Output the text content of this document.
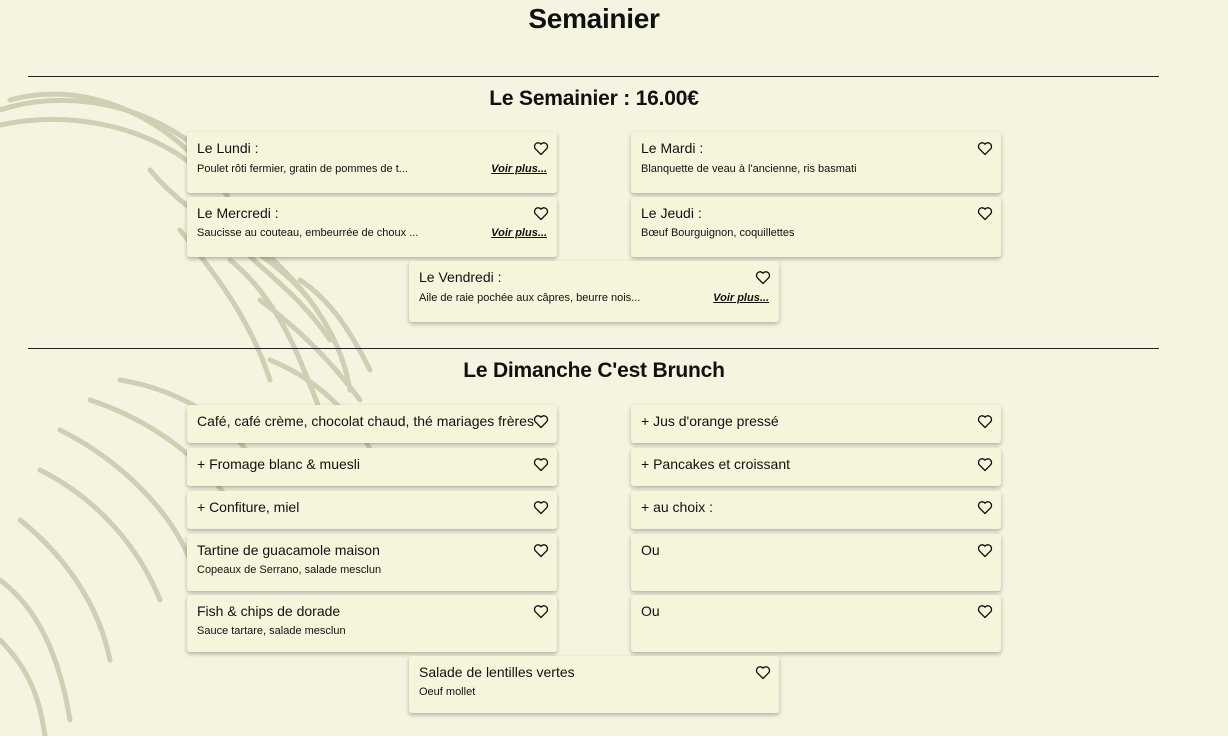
Semainier
Le Semainier : 16.00€
Le Lundi :
Poulet rôti fermier, gratin de pommes de t...	Voir plus...
Le Mardi :
Blanquette de veau à l'ancienne, ris basmati
Le Mercredi :
Saucisse au couteau, embeurrée de choux ...	Voir plus...
Le Jeudi :
Bœuf Bourguignon, coquillettes
Le Vendredi :
Aile de raie pochée aux câpres, beurre nois...	Voir plus...
Le Dimanche C'est Brunch
Café, café crème, chocolat chaud, thé mariages frères	+ Jus d'orange pressé
+ Fromage blanc & muesli	+ Pancakes et croissant
+ Confiture, miel	+ au choix :
Tartine de guacamole maison
Copeaux de Serrano, salade mesclun
Ou
Fish & chips de dorade
Sauce tartare, salade mesclun
Ou
Salade de lentilles vertes
Oeuf mollet
